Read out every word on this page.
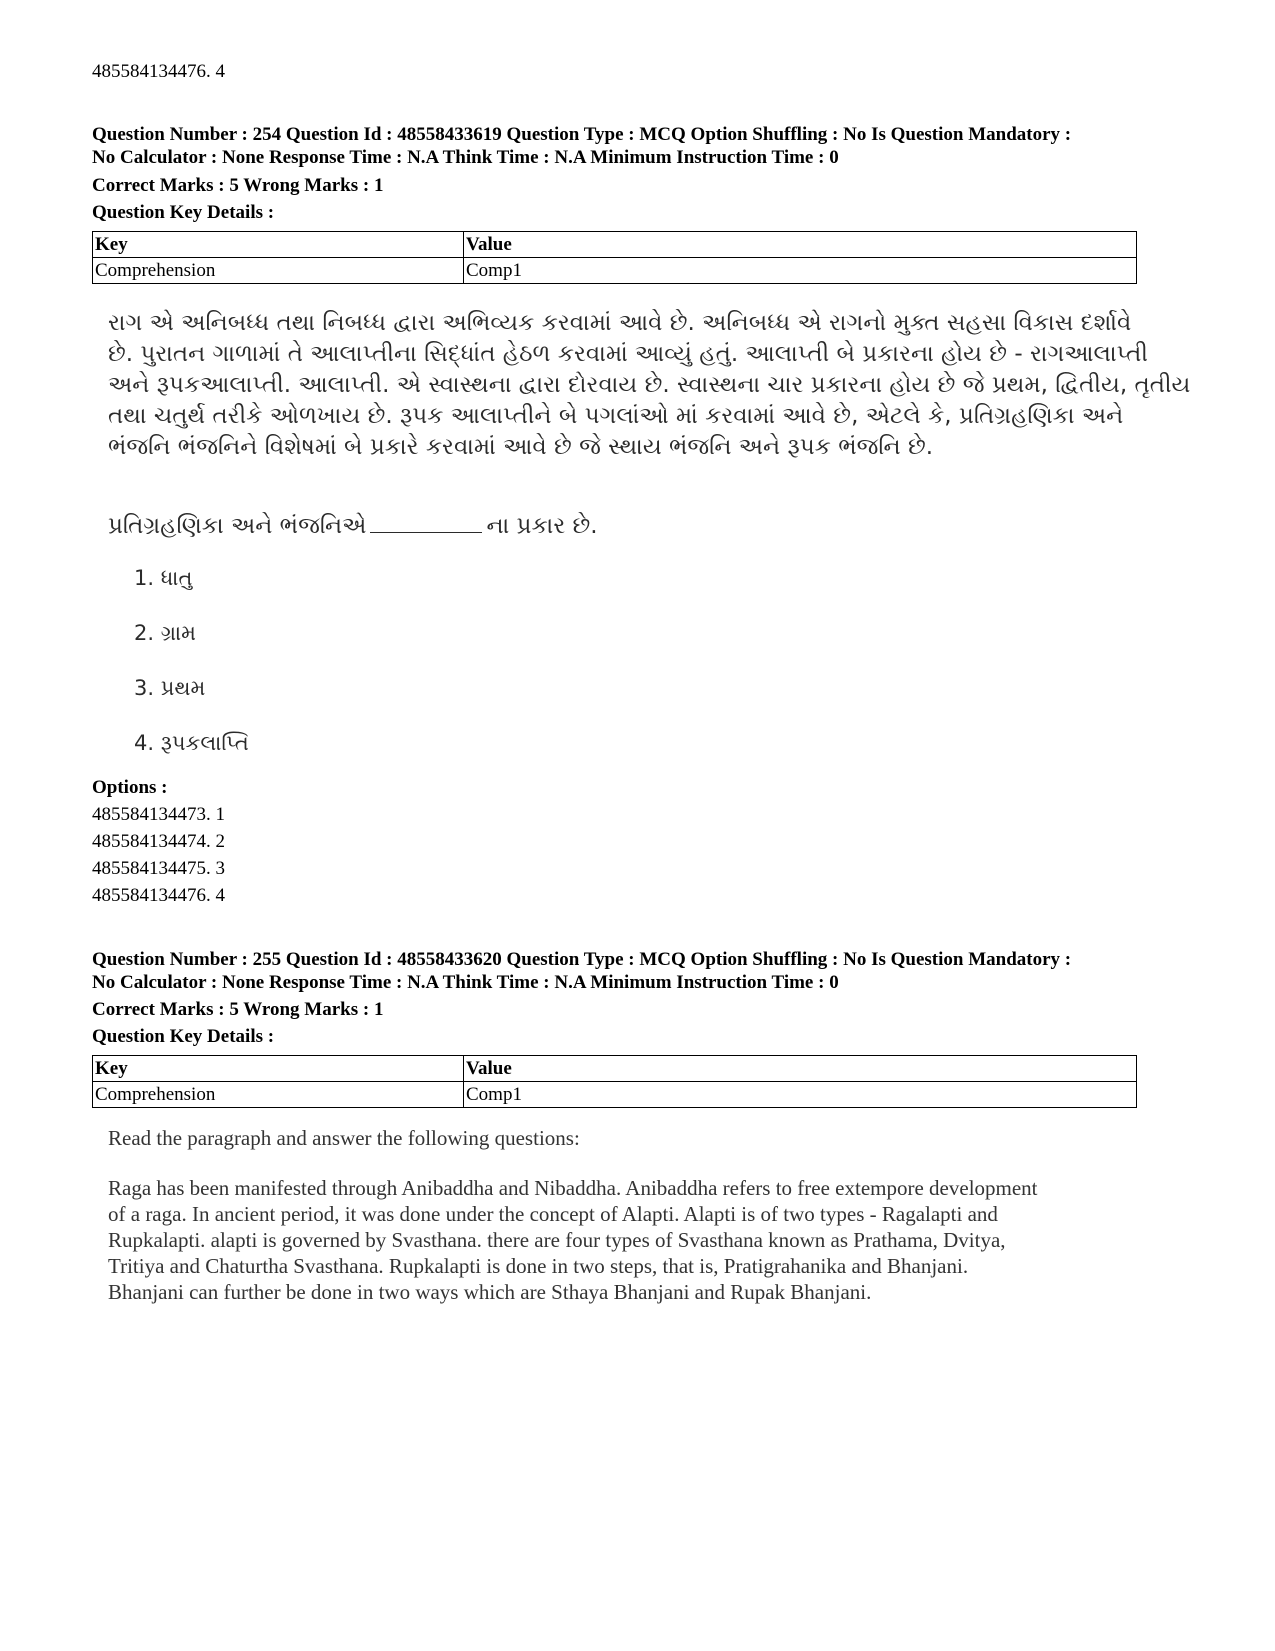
485584134476. 4
Question Number : 254 Question Id : 48558433619 Question Type : MCQ Option Shuffling : No Is Question Mandatory :
No Calculator : None Response Time : N.A Think Time : N.A Minimum Instruction Time : 0
Correct Marks : 5 Wrong Marks : 1
Question Key Details :
Key	Value
Comprehension	Comp1
રાગ એ અનિબધ્ધ તથા નિબધ્ધ દ્વારા અભિવ્યક કરવામાં આવે છે. અનિબધ્ધ એ રાગનો મુક્ત સહસા વિકાસ દર્શાવે
છે. પુરાતન ગાળામાં તે આલાપ્તીના સિદ્ધાંત હેઠળ કરવામાં આવ્યું હતું. આલાપ્તી બે પ્રકારના હોય છે - રાગઆલાપ્તી
અને રૂપકઆલાપ્તી. આલાપ્તી. એ સ્વાસ્થના દ્વારા દોરવાય છે. સ્વાસ્થના ચાર પ્રકારના હોય છે જે પ્રથમ, દ્વિતીય, તૃતીય
તથા ચતુર્થ તરીકે ઓળખાય છે. રૂપક આલાપ્તીને બે પગલાંઓ માં કરવામાં આવે છે, એટલે કે, પ્રતિગ્રહણિકા અને
ભંજનિ ભંજનિને વિશેષમાં બે પ્રકારે કરવામાં આવે છે જે સ્થાય ભંજનિ અને રૂપક ભંજનિ છે.
પ્રતિગ્રહણિકા અને ભંજનિએ	ના પ્રકાર છે.
1. ધાતુ
2. ગ્રામ
3. પ્રથમ
4. રૂપકલાપ્તિ
Options :
485584134473. 1
485584134474. 2
485584134475. 3
485584134476. 4
Question Number : 255 Question Id : 48558433620 Question Type : MCQ Option Shuffling : No Is Question Mandatory :
No Calculator : None Response Time : N.A Think Time : N.A Minimum Instruction Time : 0
Correct Marks : 5 Wrong Marks : 1
Question Key Details :
Key	Value
Comprehension	Comp1
Read the paragraph and answer the following questions:
Raga has been manifested through Anibaddha and Nibaddha. Anibaddha refers to free extempore development
of a raga. In ancient period, it was done under the concept of Alapti. Alapti is of two types - Ragalapti and
Rupkalapti. alapti is governed by Svasthana. there are four types of Svasthana known as Prathama, Dvitya,
Tritiya and Chaturtha Svasthana. Rupkalapti is done in two steps, that is, Pratigrahanika and Bhanjani.
Bhanjani can further be done in two ways which are Sthaya Bhanjani and Rupak Bhanjani.
